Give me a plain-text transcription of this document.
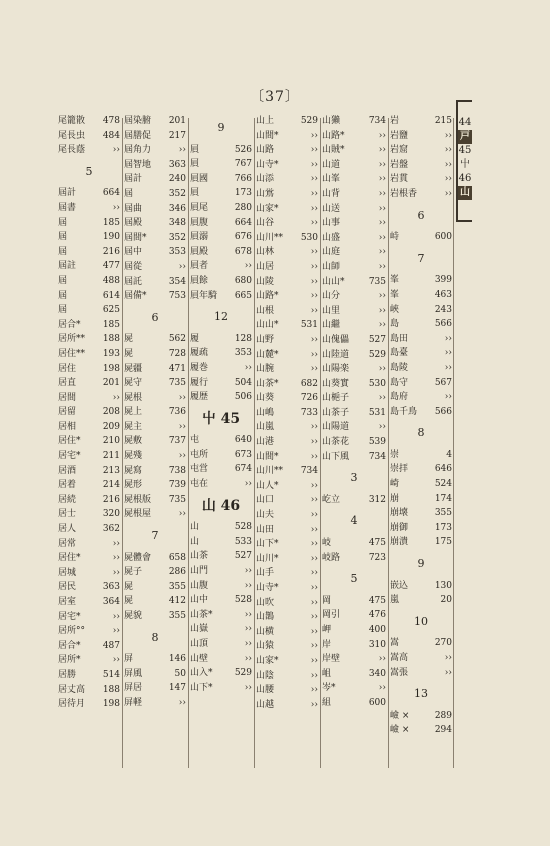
〔37〕
尾籠散 478
尾長虫 484
尾長蔭	››
5
屆計	664
屆書	››
屆	185
屆	190
屆	216
屆註	477
屆	488
屆	614
屆	625
居合* 185
居所** 188
居住** 193
居住	198
居直	201
居間	››
居留	208
居相	209
居住* 210
居宅* 211
居酒	213
居着	214
居続	216
居士	320
居人	362
居常	››
居住*	››
居城	››
居民	363
居室	364
居宅*	››
居所°°	››
居合* 487
居所*	››
居勝	514
居丈高 188
居待月 198
屆染腑 201
屆膳促 217
屆角力	››
屆智地 363
屆計	240
屆	352
屆曲	346
屆殿	348
屆間* 352
屆中	353
屆從	››
屆託	354
屆備* 753
6
屍	562
屍	728
屍疆	471
屍守	735
屍根	››
屍上	736
屍主	››
屍敷	737
屍殘	››
屍寫	738
屍形	739
屍根版 735
屍根屋	››
7
屍體會 658
屍子	286
屍	355
屍	412
屍貌	355
8
屏	146
屏風	50
屏居	147
屏軽	››
9
屓	526
屓	767
屓國	766
屓	173
屓尾	280
屓腹	664
屓溺	676
屓殿	678
屓者	››
屓餘	680
屓年騎 665
12
履	128
履疏	353
履巻	››
履行	504
履歴	506
屮 45
屯	640
屯所	673
屯営	674
屯在	››
山 46
山	528
山	533
山茶	527
山門	››
山腹	››
山中	528
山茶*	››
山嶽	››
山頂	››
山壁	››
山入* 529
山下*	››
山上	529
山間*	››
山路	››
山寺*	››
山添	››
山鴬	››
山家*	››
山谷	››
山川** 530
山林	››
山居	››
山陵	››
山路*	››
山根	››
山山* 531
山野	››
山麓*	››
山腕	››
山茶* 682
山葵	726
山嶋	733
山嵐	››
山港	››
山間*	››
山川** 734
山人*	››
山口	››
山夫	››
山田	››
山下*	››
山川*	››
山手	››
山寺*	››
山吹	››
山鵲	››
山横	››
山猿	››
山家*	››
山陰	››
山腰	››
山越	››
山獺	734
山路*	››
山賊*	››
山道	››
山峯	››
山背	››
山送	››
山事	››
山盛	››
山庭	››
山師	››
山山*	735
山分	››
山里	››
山繼	››
山傀儡 527
山陸道 529
山陽楽	››
山葵實 530
山梔子	››
山茶子 531
山陽道	››
山茶花 539
山下風 734
3
屹立	312
4
岐	475
岐路	723
5
岡	475
岡引	476
岬	400
岸	310
岸壁	››
岨	340
岑*	››
組	600
岩	215
岩鹽	››
岩窟	››
岩盤	››
岩貫	››
岩根香	››
6
峙	600
7
峯	399
峯	463
峽	243
島	566
島田	››
島臺	››
島陵	››
島守	567
島府	››
島千鳥 566
8
崇	4
崇拝	646
崎	524
崩	174
崩壊	355
崩御	173
崩潰	175
9
嵌込	130
嵐	20
10
嵩	270
嵩高	››
嵩張	››
13
嶮 ×	289
嶮 ×	294
44
戸
45
屮
46
山
